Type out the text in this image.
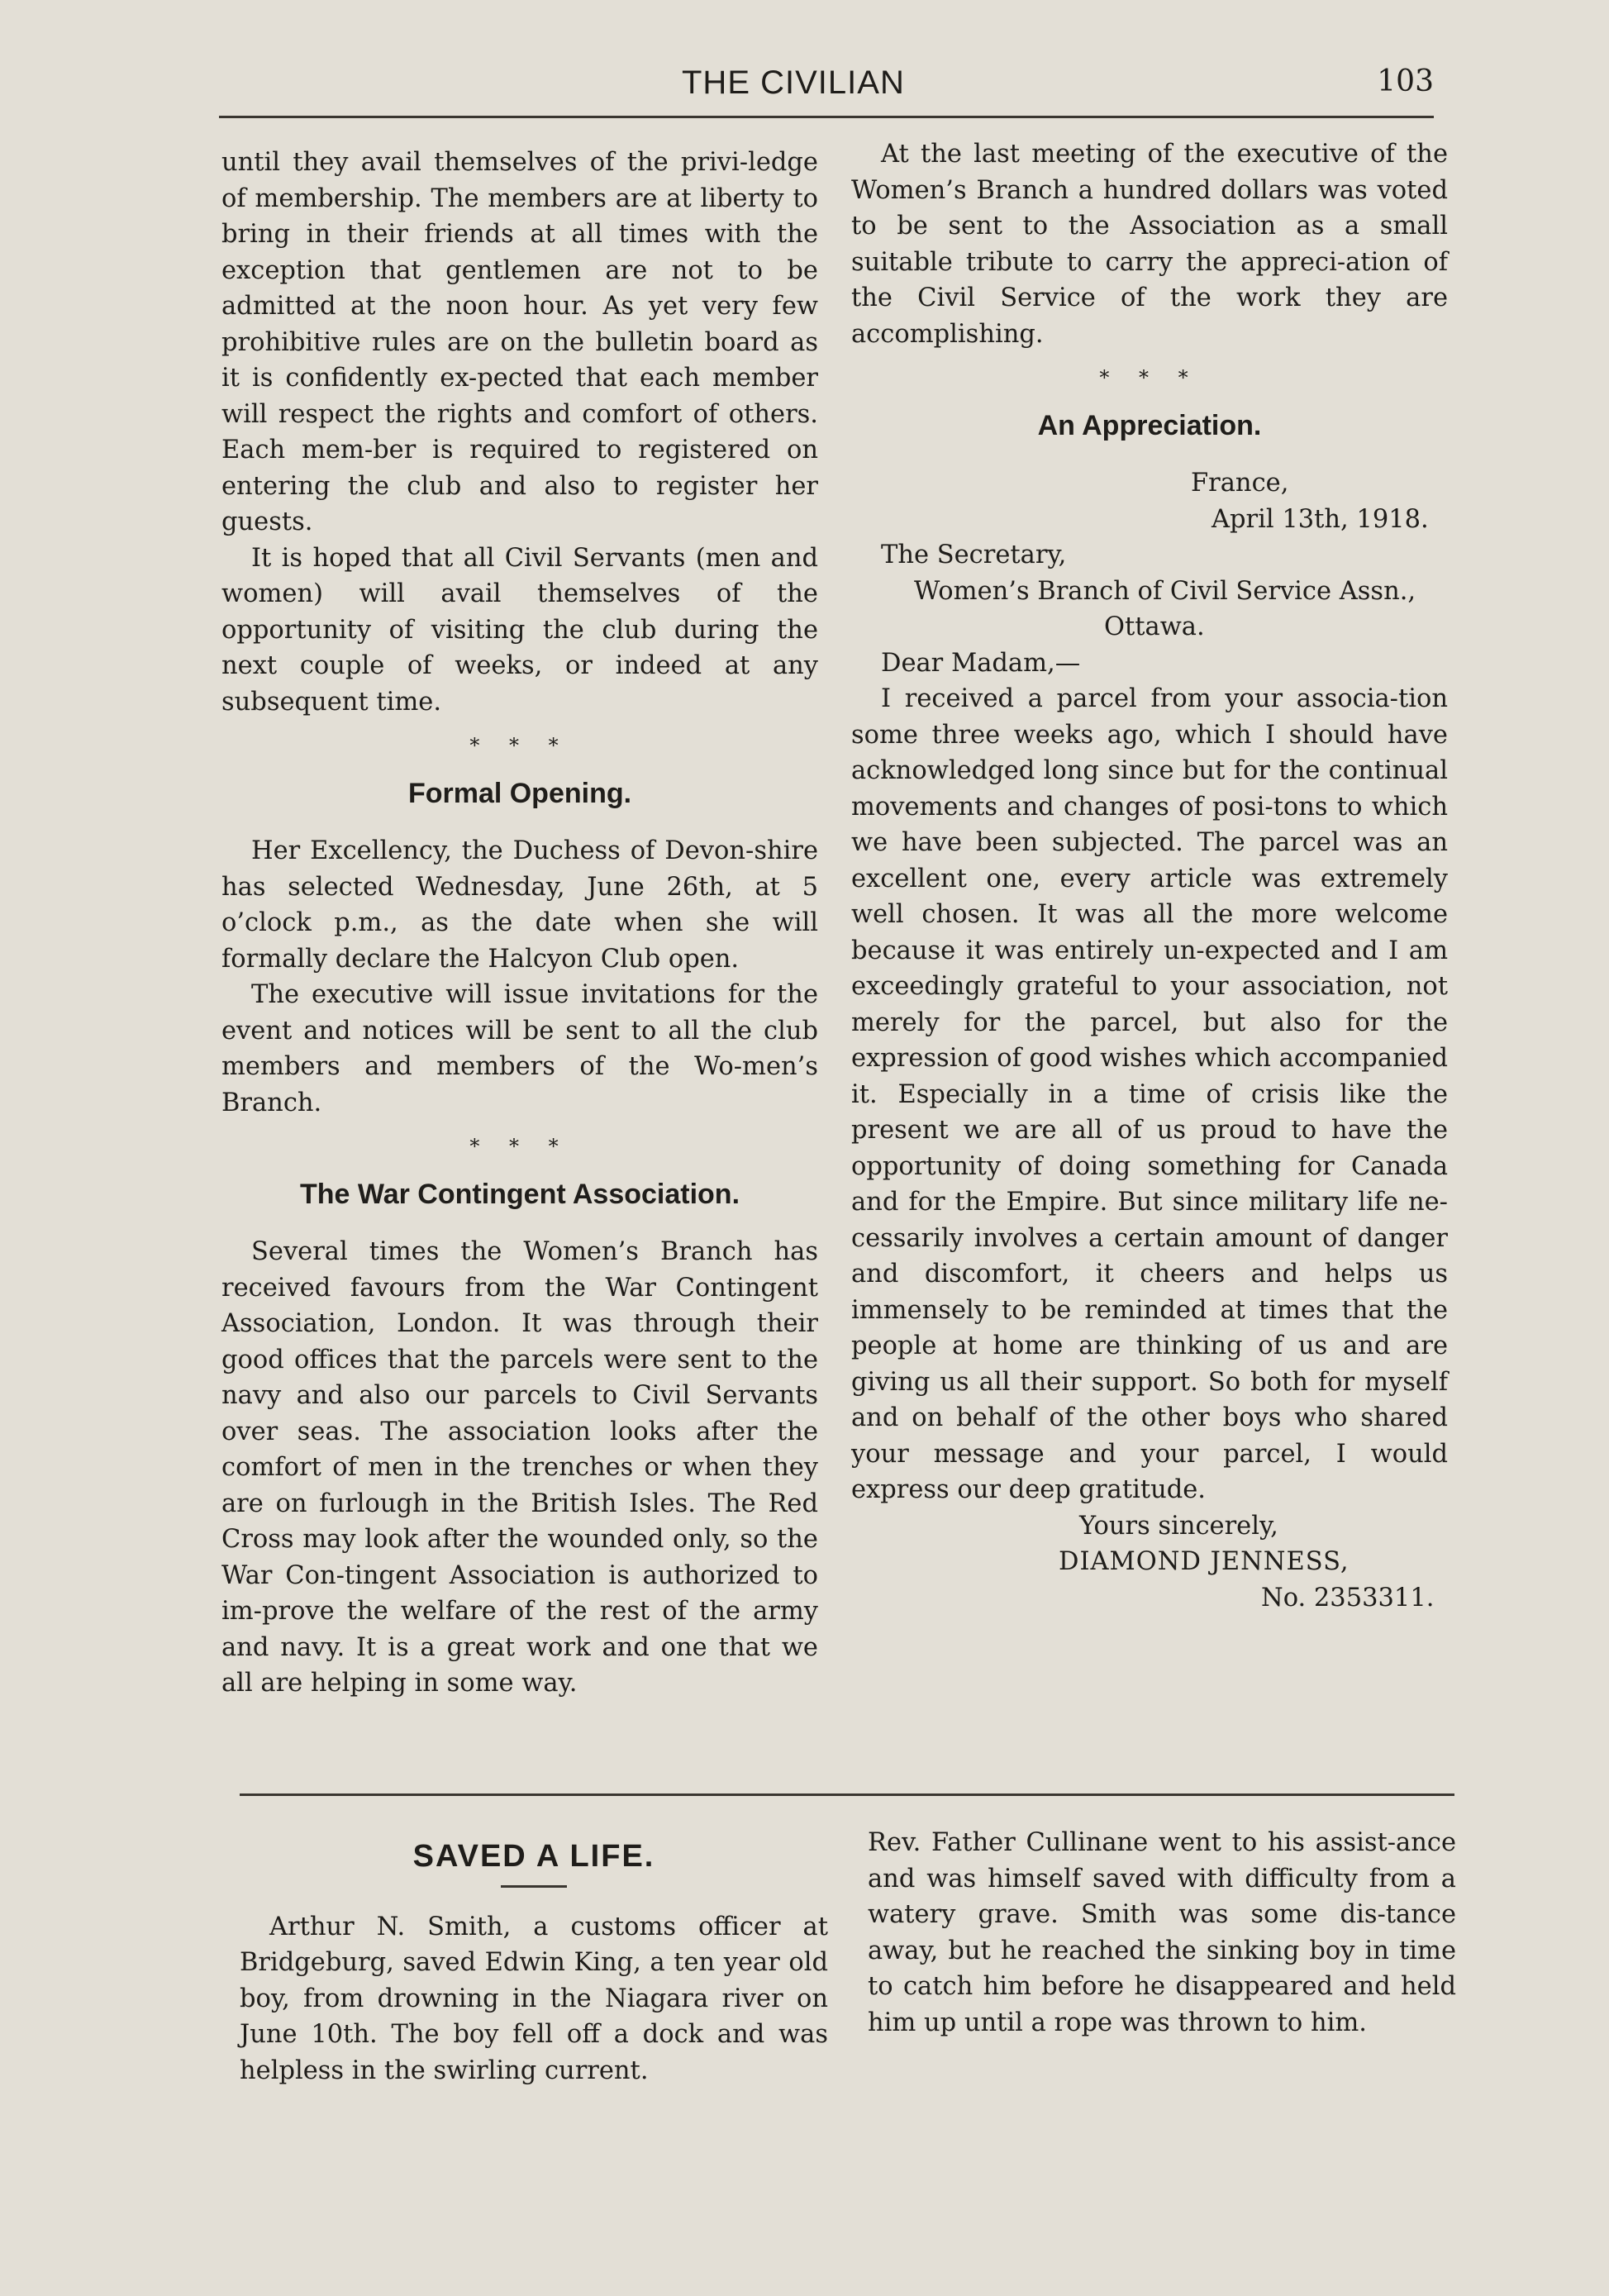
THE CIVILIAN	103

until they avail themselves of the privi-ledge of membership. The members are at liberty to bring in their friends at all times with the exception that gentlemen are not to be admitted at the noon hour. As yet very few prohibitive rules are on the bulletin board as it is confidently ex-pected that each member will respect the rights and comfort of others. Each mem-ber is required to registered on entering the club and also to register her guests.

It is hoped that all Civil Servants (men and women) will avail themselves of the opportunity of visiting the club during the next couple of weeks, or indeed at any subsequent time.

* * *
Formal Opening.

Her Excellency, the Duchess of Devon-shire has selected Wednesday, June 26th, at 5 o’clock p.m., as the date when she will formally declare the Halcyon Club open.

The executive will issue invitations for the event and notices will be sent to all the club members and members of the Wo-men’s Branch.

* * *
The War Contingent Association.

Several times the Women’s Branch has received favours from the War Contingent Association, London. It was through their good offices that the parcels were sent to the navy and also our parcels to Civil Servants over seas. The association looks after the comfort of men in the trenches or when they are on furlough in the British Isles. The Red Cross may look after the wounded only, so the War Con-tingent Association is authorized to im-prove the welfare of the rest of the army and navy. It is a great work and one that we all are helping in some way.

At the last meeting of the executive of the Women’s Branch a hundred dollars was voted to be sent to the Association as a small suitable tribute to carry the appreci-ation of the Civil Service of the work they are accomplishing.

* * *
An Appreciation.

France,

April 13th, 1918.

The Secretary,

Women’s Branch of Civil Service Assn.,

Ottawa.

Dear Madam,—

I received a parcel from your associa-tion some three weeks ago, which I should have acknowledged long since but for the continual movements and changes of posi-tons to which we have been subjected. The parcel was an excellent one, every article was extremely well chosen. It was all the more welcome because it was entirely un-expected and I am exceedingly grateful to your association, not merely for the parcel, but also for the expression of good wishes which accompanied it. Especially in a time of crisis like the present we are all of us proud to have the opportunity of doing something for Canada and for the Empire. But since military life ne-cessarily involves a certain amount of danger and discomfort, it cheers and helps us immensely to be reminded at times that the people at home are thinking of us and are giving us all their support. So both for myself and on behalf of the other boys who shared your message and your parcel, I would express our deep gratitude.

Yours sincerely,

DIAMOND JENNESS,

No. 2353311.

SAVED A LIFE.

Arthur N. Smith, a customs officer at Bridgeburg, saved Edwin King, a ten year old boy, from drowning in the Niagara river on June 10th. The boy fell off a dock and was helpless in the swirling current.

Rev. Father Cullinane went to his assist-ance and was himself saved with difficulty from a watery grave. Smith was some dis-tance away, but he reached the sinking boy in time to catch him before he disappeared and held him up until a rope was thrown to him.
